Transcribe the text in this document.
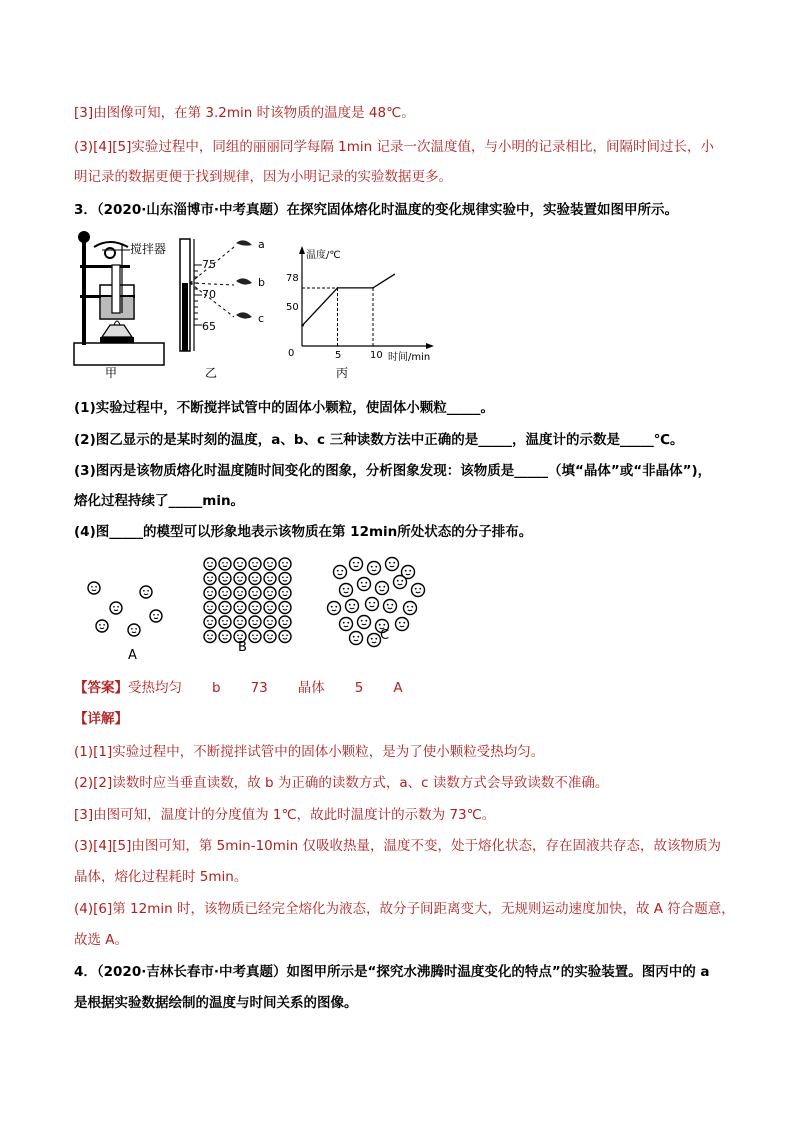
[3]由图像可知，在第 3.2min 时该物质的温度是 48℃。
(3)[4][5]实验过程中，同组的丽丽同学每隔 1min 记录一次温度值，与小明的记录相比，间隔时间过长，小
明记录的数据更便于找到规律，因为小明记录的实验数据更多。
3．（2020·山东淄博市·中考真题）在探究固体熔化时温度的变化规律实验中，实验装置如图甲所示。
搅拌器
甲
75
70
65
a
b
c
乙
温度/℃
时间/min
0	5	10
50
78
丙
(1)实验过程中，不断搅拌试管中的固体小颗粒，使固体小颗粒_____。
(2)图乙显示的是某时刻的温度，a、b、c 三种读数方法中正确的是_____，温度计的示数是_____℃。
(3)图丙是该物质熔化时温度随时间变化的图象，分析图象发现：该物质是_____（填“晶体”或“非晶体”)，
熔化过程持续了_____min。
(4)图_____的模型可以形象地表示该物质在第 12min所处状态的分子排布。
A
B
C
【答案】受热均匀 b 73 晶体 5 A
【详解】
(1)[1]实验过程中，不断搅拌试管中的固体小颗粒，是为了使小颗粒受热均匀。
(2)[2]读数时应当垂直读数，故 b 为正确的读数方式，a、c 读数方式会导致读数不准确。
[3]由图可知，温度计的分度值为 1℃，故此时温度计的示数为 73℃。
(3)[4][5]由图可知，第 5min-10min 仅吸收热量，温度不变，处于熔化状态，存在固液共存态，故该物质为
晶体，熔化过程耗时 5min。
(4)[6]第 12min 时，该物质已经完全熔化为液态，故分子间距离变大，无规则运动速度加快，故 A 符合题意，
故选 A。
4．（2020·吉林长春市·中考真题）如图甲所示是“探究水沸腾时温度变化的特点”的实验装置。图丙中的 a
是根据实验数据绘制的温度与时间关系的图像。
